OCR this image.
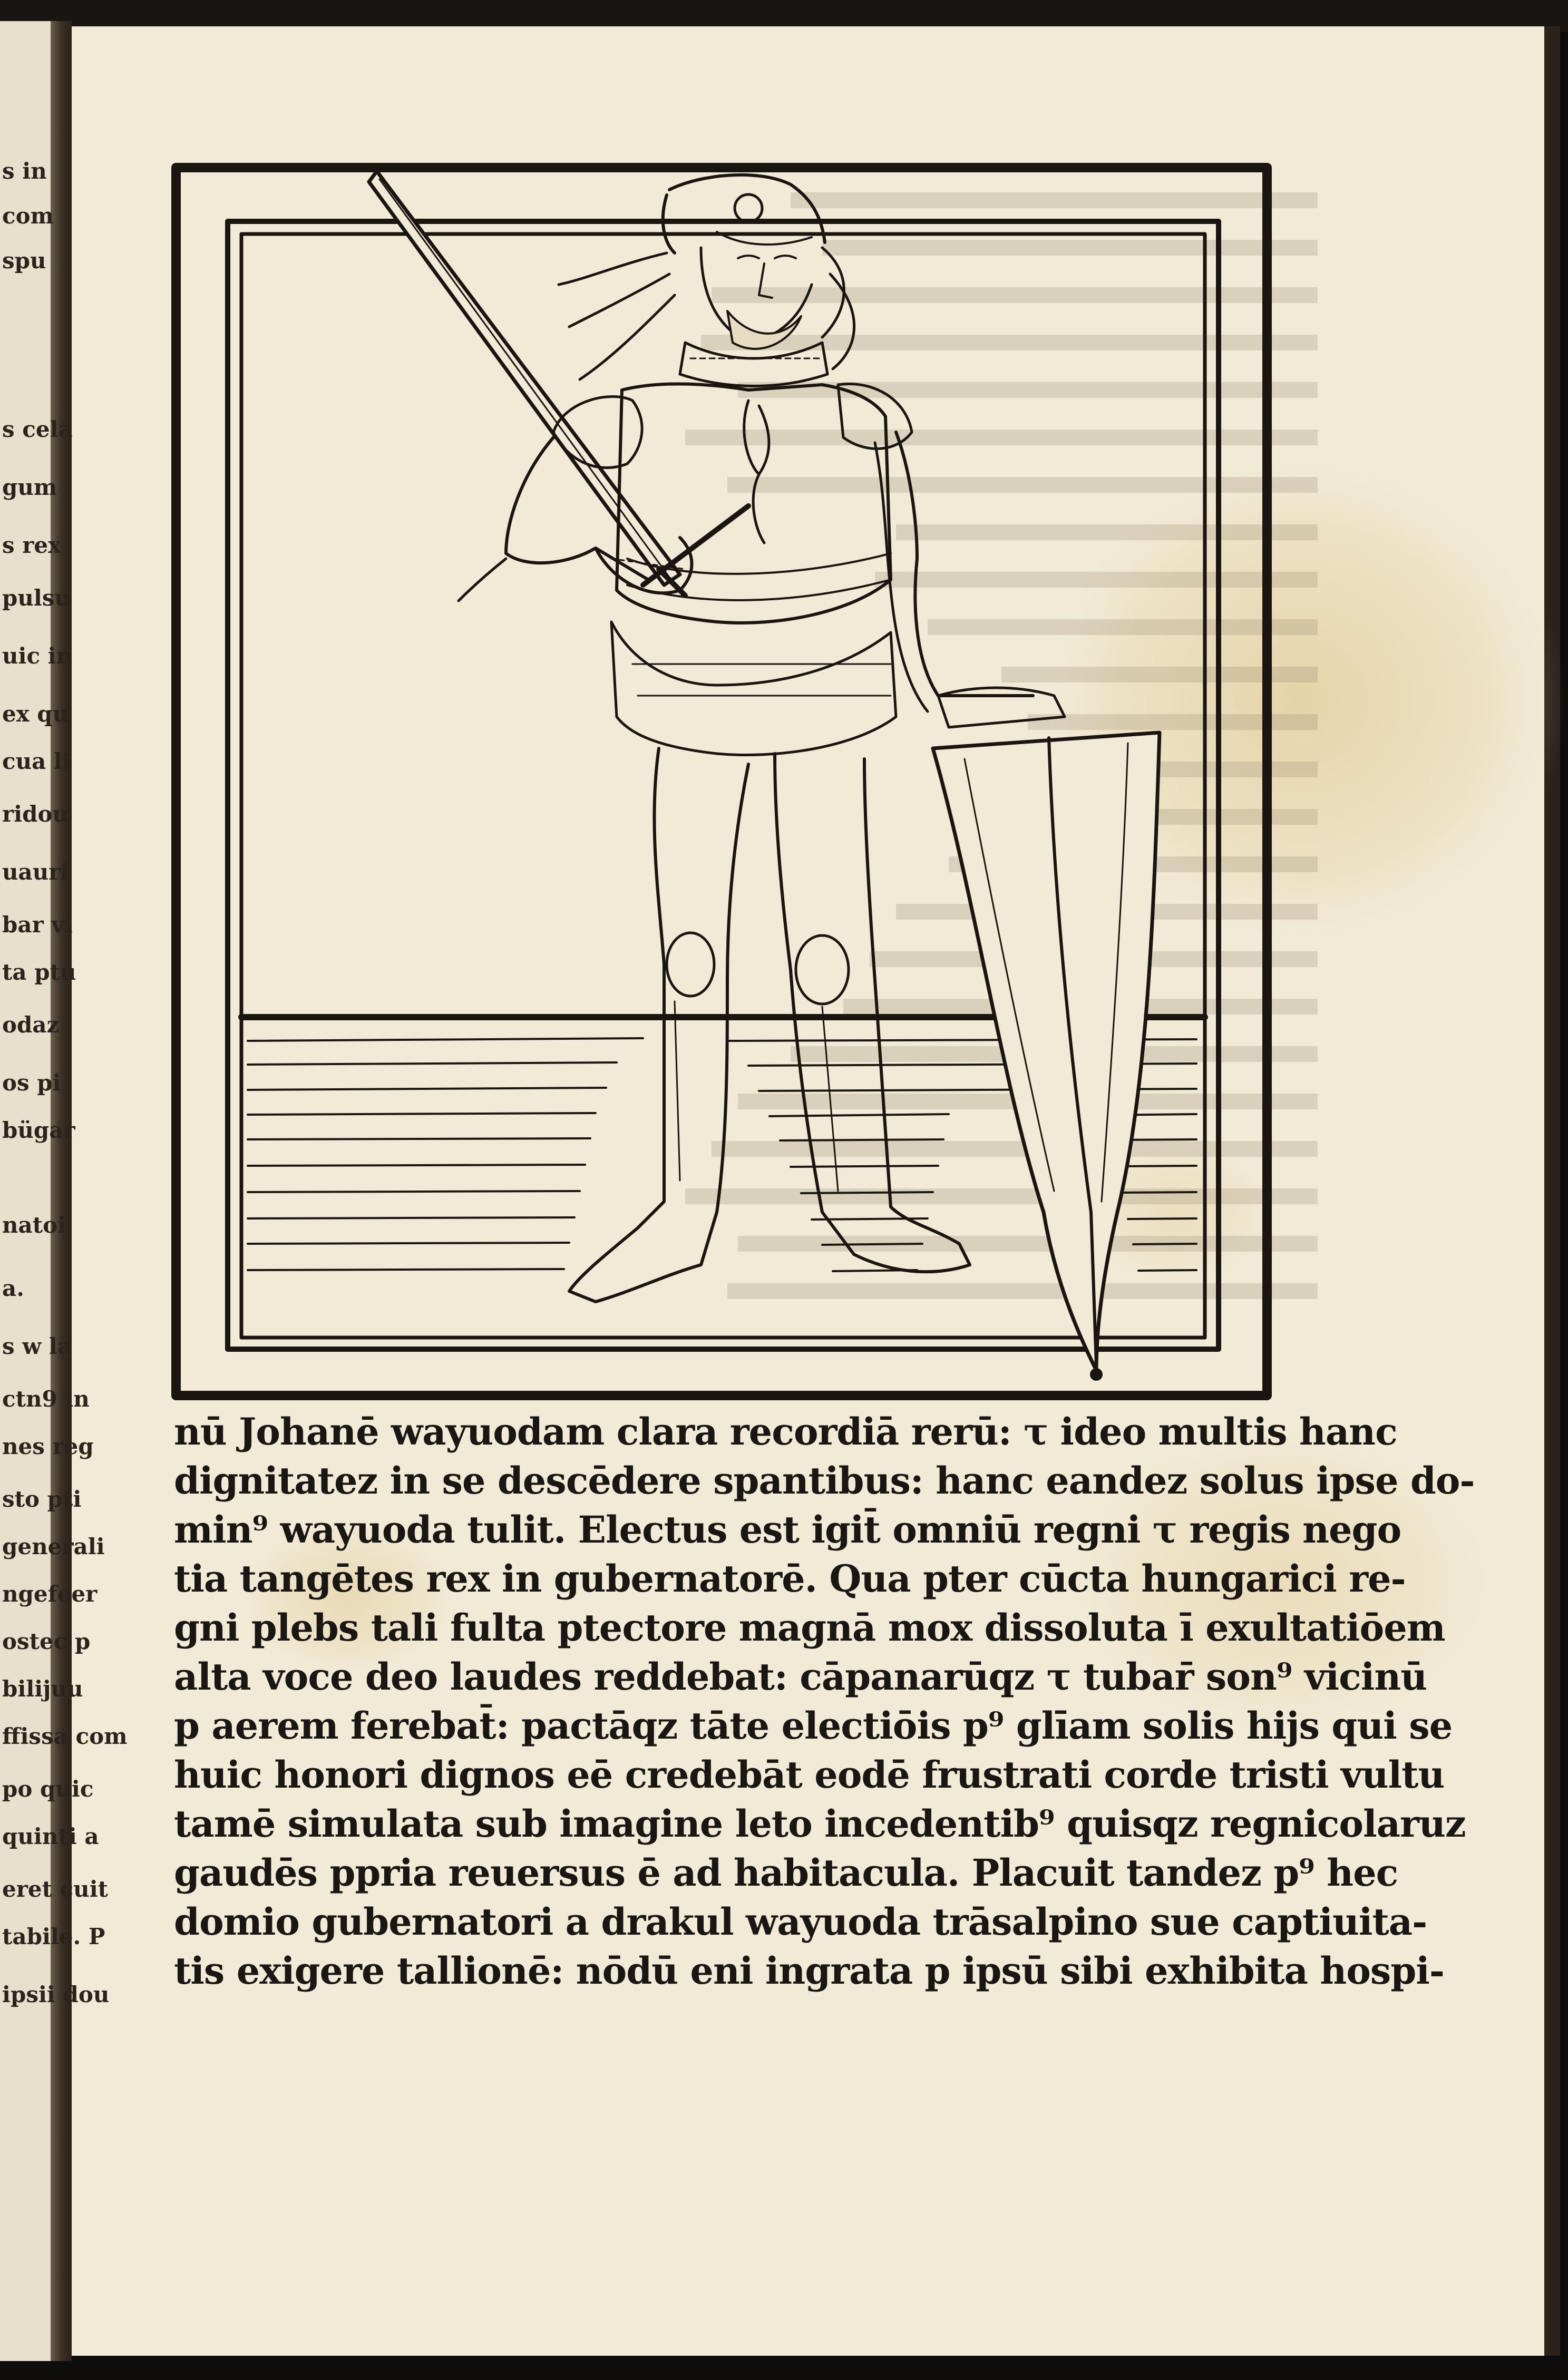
nū Johanē wayuodam clara recordiā rerū: τ ideo multis hanc
dignitatez in se descēdere spantibus: hanc eandez solus ipse do-
min⁹ wayuoda tulit. Electus est igit̄ omniū regni τ regis nego
tia tangētes rex in gubernatorē. Qua pter cūcta hungarici re-
gni plebs tali fulta ptectore magnā mox dissoluta ī exultatiōem
alta voce deo laudes reddebat: cāpanarūqz τ tubar̄ son⁹ vicinū
p aerem ferebat̄: pactāqz tāte electiōis p⁹ glīam solis hijs qui se
huic honori dignos eē credebāt eodē frustrati corde tristi vultu
tamē simulata sub imagine leto incedentib⁹ quisqz regnicolaruz
gaudēs ppria reuersus ē ad habitacula. Placuit tandez p⁹ hec
domio gubernatori a drakul wayuoda trāsalpino sue captiuita-
tis exigere tallionē: nōdū eni ingrata p ipsū sibi exhibita hospi-
s in
com
spu
s cela
gum
s rex
pulsu
uic in
ex qu
cua li
ridou
uauri
bar vi
ta ptu
odaz
os pi
bügar
natoi
a.
s w la
ctn9 in
nes reg
sto pti
generali
ngefeer
ostec p
bilijuu
ffissa com
po quic
quinti a
eret cuit
tabile. P
ipsii dou
